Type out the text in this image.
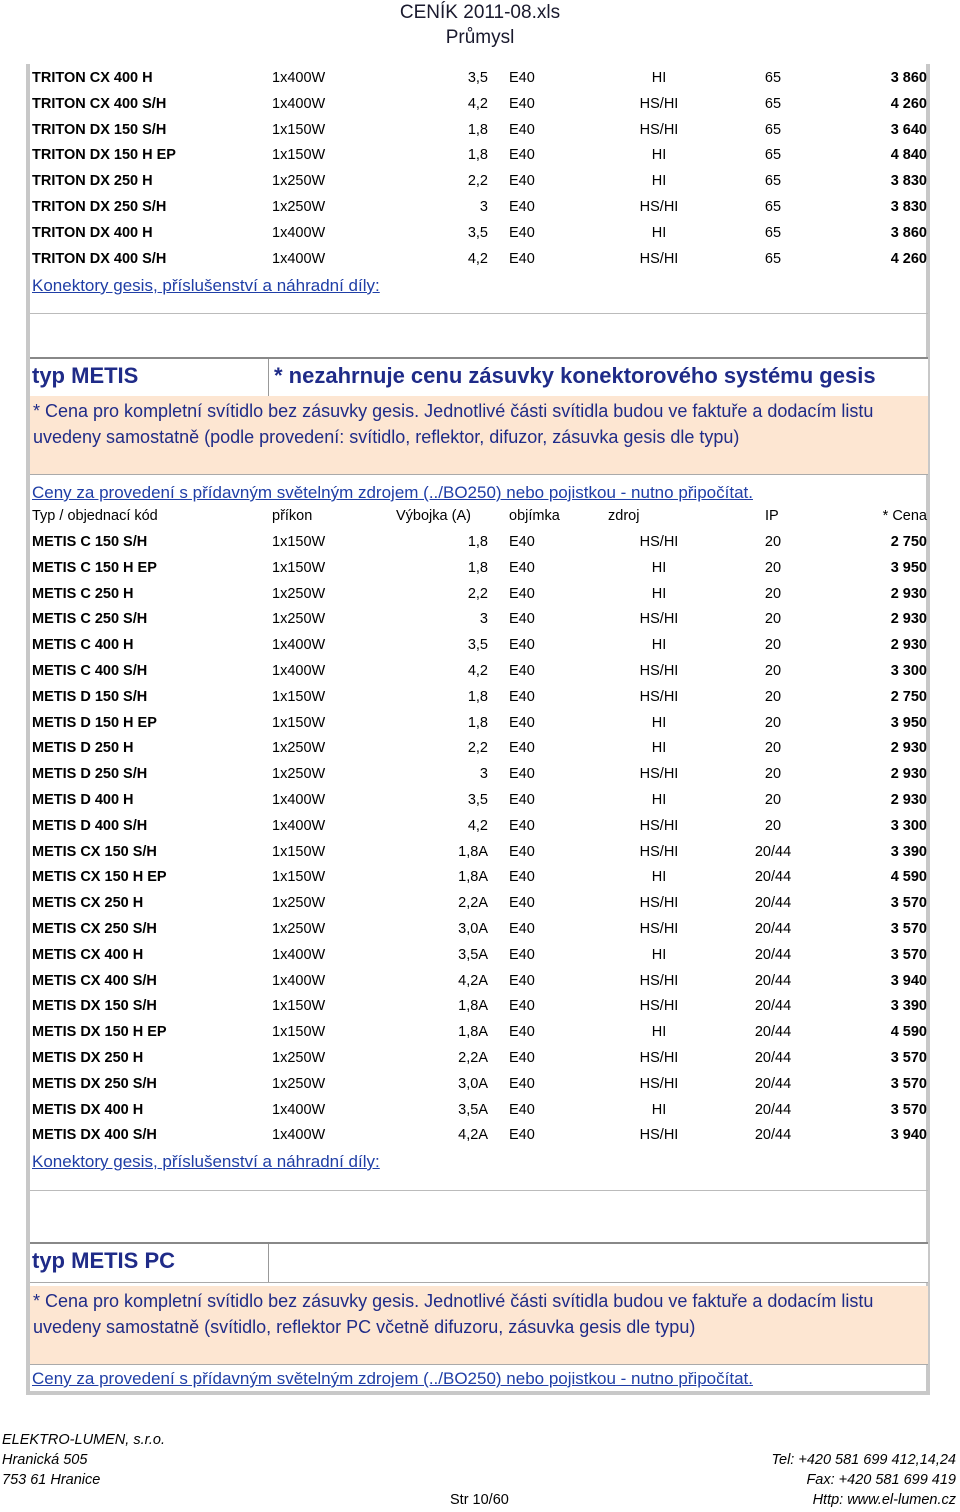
CENÍK 2011-08.xls
Průmysl
TRITON CX 400 H	1x400W	3,5 E40	HI	65	3 860
TRITON CX 400 S/H	1x400W	4,2 E40	HS/HI	65	4 260
TRITON DX 150 S/H	1x150W	1,8 E40	HS/HI	65	3 640
TRITON DX 150 H EP	1x150W	1,8 E40	HI	65	4 840
TRITON DX 250 H	1x250W	2,2 E40	HI	65	3 830
TRITON DX 250 S/H	1x250W	3 E40	HS/HI	65	3 830
TRITON DX 400 H	1x400W	3,5 E40	HI	65	3 860
TRITON DX 400 S/H	1x400W	4,2 E40	HS/HI	65	4 260
Konektory gesis, příslušenství a náhradní díly:
typ METIS	* nezahrnuje cenu zásuvky konektorového systému gesis

* Cena pro kompletní svítidlo bez zásuvky gesis. Jednotlivé části svítidla budou ve faktuře a dodacím listu uvedeny samostatně (podle provedení: svítidlo, reflektor, difuzor, zásuvka gesis dle typu)

Ceny za provedení s přídavným světelným zdrojem (../BO250) nebo pojistkou - nutno připočítat.
Typ / objednací kód	příkon	Výbojka (A)	objímka	zdroj	IP	* Cena
METIS C 150 S/H	1x150W	1,8 E40	HS/HI	20	2 750
METIS C 150 H EP	1x150W	1,8 E40	HI	20	3 950
METIS C 250 H	1x250W	2,2 E40	HI	20	2 930
METIS C 250 S/H	1x250W	3 E40	HS/HI	20	2 930
METIS C 400 H	1x400W	3,5 E40	HI	20	2 930
METIS C 400 S/H	1x400W	4,2 E40	HS/HI	20	3 300
METIS D 150 S/H	1x150W	1,8 E40	HS/HI	20	2 750
METIS D 150 H EP	1x150W	1,8 E40	HI	20	3 950
METIS D 250 H	1x250W	2,2 E40	HI	20	2 930
METIS D 250 S/H	1x250W	3 E40	HS/HI	20	2 930
METIS D 400 H	1x400W	3,5 E40	HI	20	2 930
METIS D 400 S/H	1x400W	4,2 E40	HS/HI	20	3 300
METIS CX 150 S/H	1x150W	1,8A E40	HS/HI	20/44	3 390
METIS CX 150 H EP	1x150W	1,8A E40	HI	20/44	4 590
METIS CX 250 H	1x250W	2,2A E40	HS/HI	20/44	3 570
METIS CX 250 S/H	1x250W	3,0A E40	HS/HI	20/44	3 570
METIS CX 400 H	1x400W	3,5A E40	HI	20/44	3 570
METIS CX 400 S/H	1x400W	4,2A E40	HS/HI	20/44	3 940
METIS DX 150 S/H	1x150W	1,8A E40	HS/HI	20/44	3 390
METIS DX 150 H EP	1x150W	1,8A E40	HI	20/44	4 590
METIS DX 250 H	1x250W	2,2A E40	HS/HI	20/44	3 570
METIS DX 250 S/H	1x250W	3,0A E40	HS/HI	20/44	3 570
METIS DX 400 H	1x400W	3,5A E40	HI	20/44	3 570
METIS DX 400 S/H	1x400W	4,2A E40	HS/HI	20/44	3 940
Konektory gesis, příslušenství a náhradní díly:
typ METIS PC

* Cena pro kompletní svítidlo bez zásuvky gesis. Jednotlivé části svítidla budou ve faktuře a dodacím listu uvedeny samostatně (svítidlo, reflektor PC včetně difuzoru, zásuvka gesis dle typu)

Ceny za provedení s přídavným světelným zdrojem (../BO250) nebo pojistkou - nutno připočítat.
ELEKTRO-LUMEN, s.r.o.
Hranická 505
753 61 Hranice
Str 10/60
Tel: +420 581 699 412,14,24
Fax: +420 581 699 419
Http: www.el-lumen.cz
